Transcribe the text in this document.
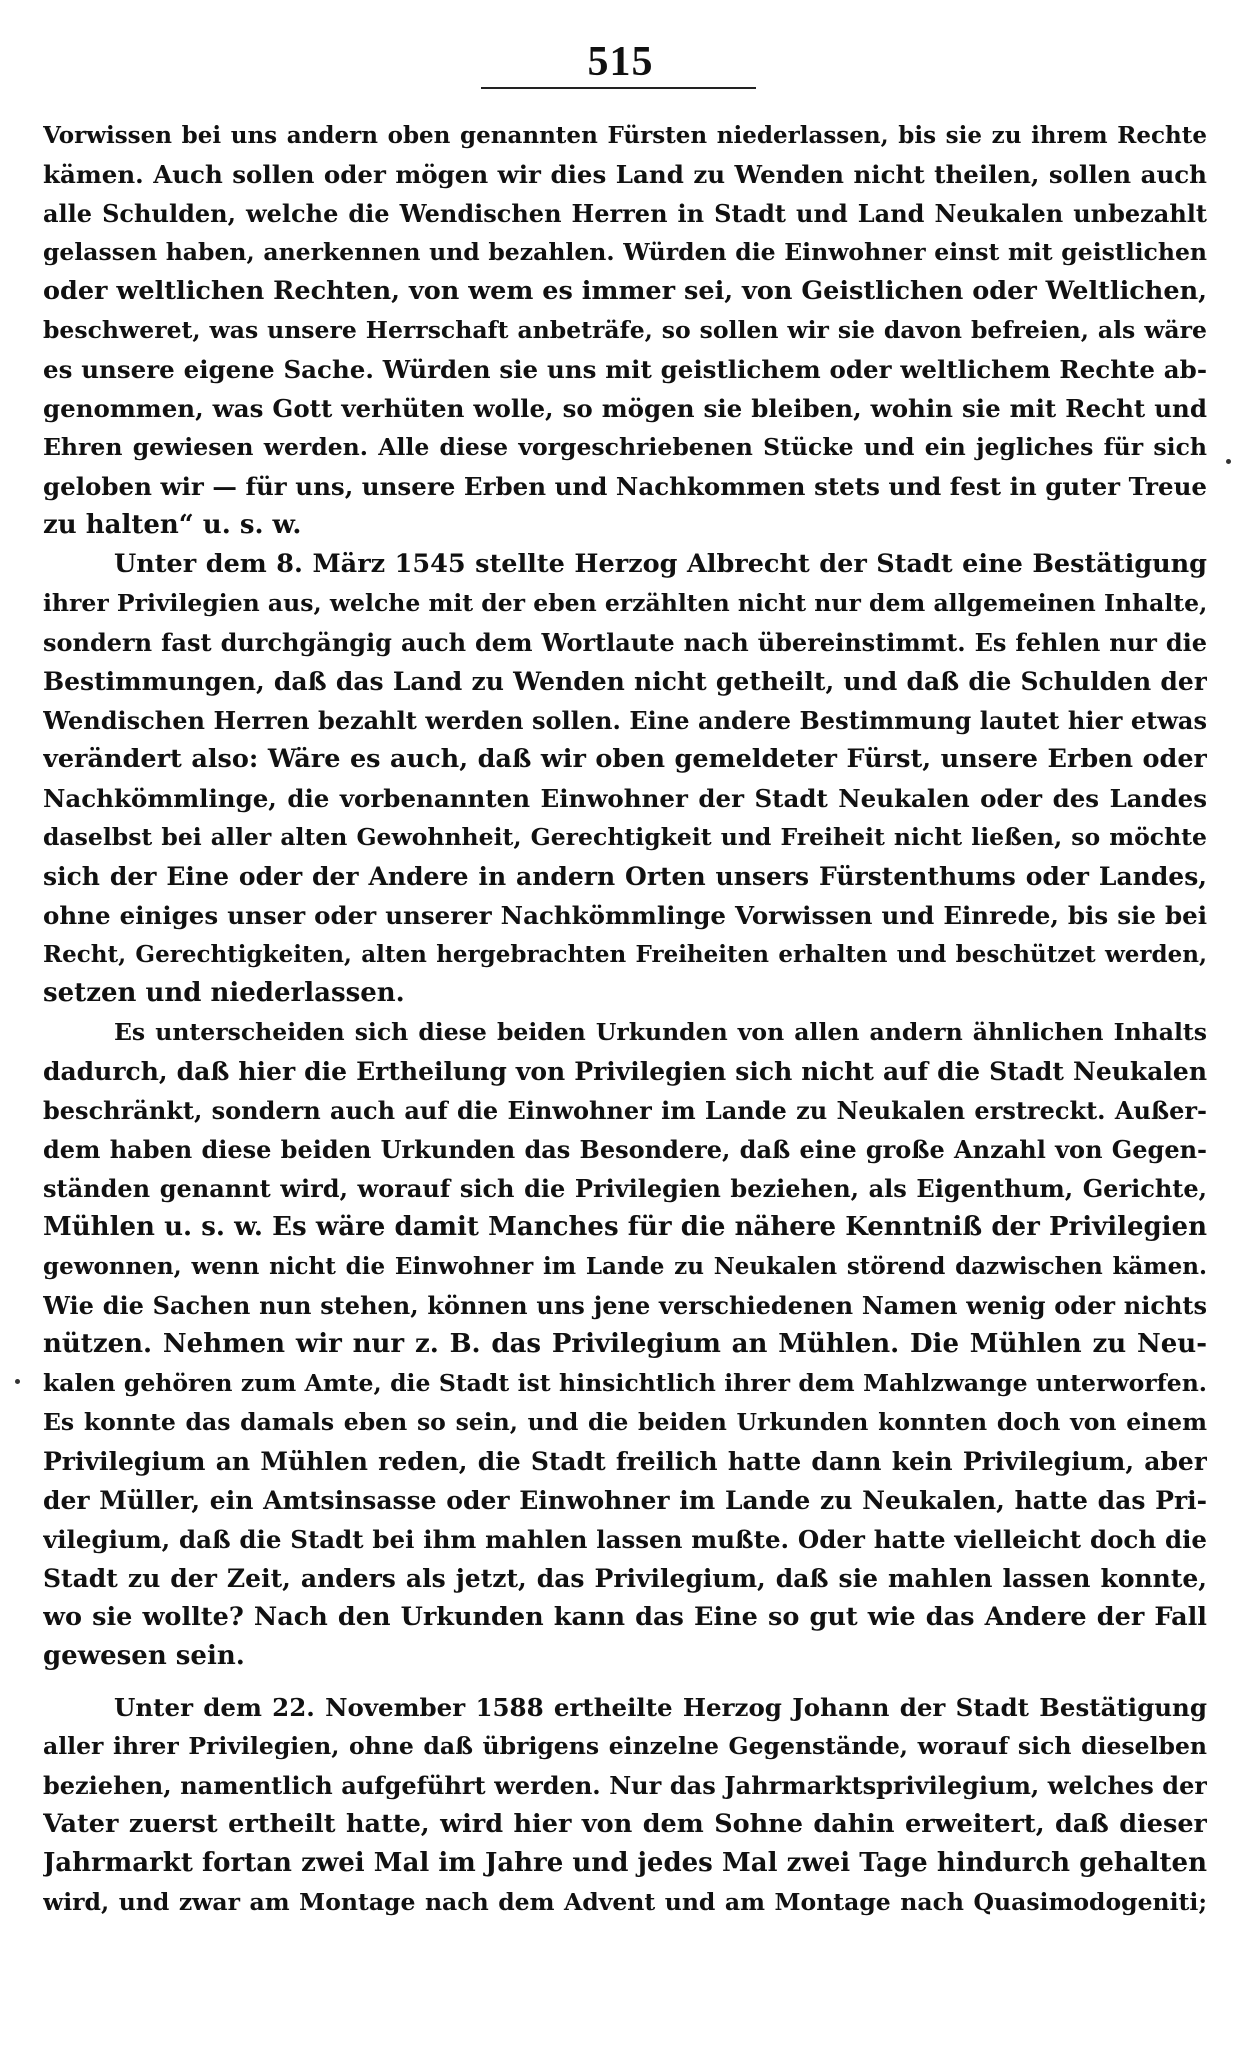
515
Vorwissen bei uns andern oben genannten Fürsten niederlassen, bis sie zu ihrem Rechte
kämen. Auch sollen oder mögen wir dies Land zu Wenden nicht theilen, sollen auch
alle Schulden, welche die Wendischen Herren in Stadt und Land Neukalen unbezahlt
gelassen haben, anerkennen und bezahlen. Würden die Einwohner einst mit geistlichen
oder weltlichen Rechten, von wem es immer sei, von Geistlichen oder Weltlichen,
beschweret, was unsere Herrschaft anbeträfe, so sollen wir sie davon befreien, als wäre
es unsere eigene Sache. Würden sie uns mit geistlichem oder weltlichem Rechte ab-
genommen, was Gott verhüten wolle, so mögen sie bleiben, wohin sie mit Recht und
Ehren gewiesen werden. Alle diese vorgeschriebenen Stücke und ein jegliches für sich
geloben wir — für uns, unsere Erben und Nachkommen stets und fest in guter Treue
zu halten“ u. s. w.
Unter dem 8. März 1545 stellte Herzog Albrecht der Stadt eine Bestätigung
ihrer Privilegien aus, welche mit der eben erzählten nicht nur dem allgemeinen Inhalte,
sondern fast durchgängig auch dem Wortlaute nach übereinstimmt. Es fehlen nur die
Bestimmungen, daß das Land zu Wenden nicht getheilt, und daß die Schulden der
Wendischen Herren bezahlt werden sollen. Eine andere Bestimmung lautet hier etwas
verändert also: Wäre es auch, daß wir oben gemeldeter Fürst, unsere Erben oder
Nachkömmlinge, die vorbenannten Einwohner der Stadt Neukalen oder des Landes
daselbst bei aller alten Gewohnheit, Gerechtigkeit und Freiheit nicht ließen, so möchte
sich der Eine oder der Andere in andern Orten unsers Fürstenthums oder Landes,
ohne einiges unser oder unserer Nachkömmlinge Vorwissen und Einrede, bis sie bei
Recht, Gerechtigkeiten, alten hergebrachten Freiheiten erhalten und beschützet werden,
setzen und niederlassen.
Es unterscheiden sich diese beiden Urkunden von allen andern ähnlichen Inhalts
dadurch, daß hier die Ertheilung von Privilegien sich nicht auf die Stadt Neukalen
beschränkt, sondern auch auf die Einwohner im Lande zu Neukalen erstreckt. Außer-
dem haben diese beiden Urkunden das Besondere, daß eine große Anzahl von Gegen-
ständen genannt wird, worauf sich die Privilegien beziehen, als Eigenthum, Gerichte,
Mühlen u. s. w. Es wäre damit Manches für die nähere Kenntniß der Privilegien
gewonnen, wenn nicht die Einwohner im Lande zu Neukalen störend dazwischen kämen.
Wie die Sachen nun stehen, können uns jene verschiedenen Namen wenig oder nichts
nützen. Nehmen wir nur z. B. das Privilegium an Mühlen. Die Mühlen zu Neu-
kalen gehören zum Amte, die Stadt ist hinsichtlich ihrer dem Mahlzwange unterworfen.
Es konnte das damals eben so sein, und die beiden Urkunden konnten doch von einem
Privilegium an Mühlen reden, die Stadt freilich hatte dann kein Privilegium, aber
der Müller, ein Amtsinsasse oder Einwohner im Lande zu Neukalen, hatte das Pri-
vilegium, daß die Stadt bei ihm mahlen lassen mußte. Oder hatte vielleicht doch die
Stadt zu der Zeit, anders als jetzt, das Privilegium, daß sie mahlen lassen konnte,
wo sie wollte? Nach den Urkunden kann das Eine so gut wie das Andere der Fall
gewesen sein.
Unter dem 22. November 1588 ertheilte Herzog Johann der Stadt Bestätigung
aller ihrer Privilegien, ohne daß übrigens einzelne Gegenstände, worauf sich dieselben
beziehen, namentlich aufgeführt werden. Nur das Jahrmarktsprivilegium, welches der
Vater zuerst ertheilt hatte, wird hier von dem Sohne dahin erweitert, daß dieser
Jahrmarkt fortan zwei Mal im Jahre und jedes Mal zwei Tage hindurch gehalten
wird, und zwar am Montage nach dem Advent und am Montage nach Quasimodogeniti;
